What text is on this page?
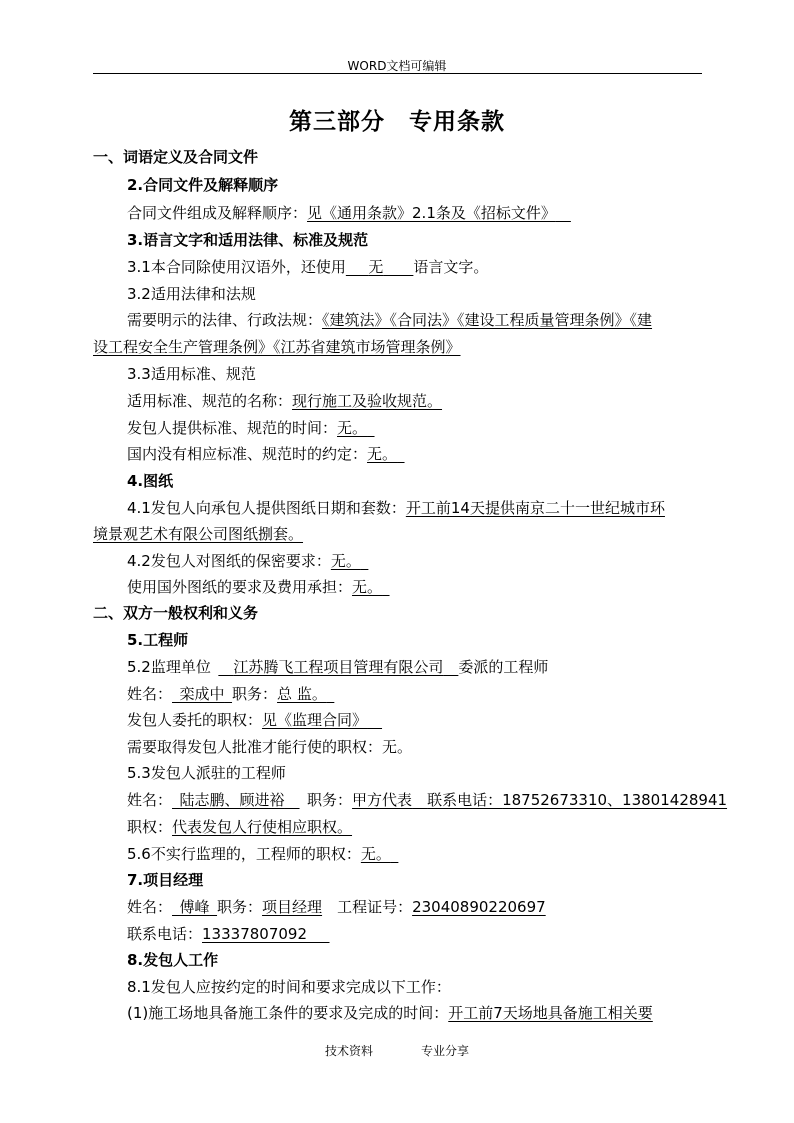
WORD文档可编辑
第三部分 专用条款
一、词语定义及合同文件
2.合同文件及解释顺序
合同文件组成及解释顺序：见《通用条款》2.1条及《招标文件》 
3.语言文字和适用法律、标准及规范
3.1本合同除使用汉语外，还使用   无   语言文字。
3.2适用法律和法规
需要明示的法律、行政法规：《建筑法》《合同法》《建设工程质量管理条例》《建
设工程安全生产管理条例》《江苏省建筑市场管理条例》
3.3适用标准、规范
适用标准、规范的名称：现行施工及验收规范。
发包人提供标准、规范的时间：无。 
国内没有相应标准、规范时的约定：无。 
4.图纸
4.1发包人向承包人提供图纸日期和套数：开工前14天提供南京二十一世纪城市环
境景观艺术有限公司图纸捌套。
4.2发包人对图纸的保密要求：无。 
使用国外图纸的要求及费用承担：无。 
二、双方一般权利和义务
5.工程师
5.2监理单位    江苏腾飞工程项目管理有限公司   委派的工程师
姓名：  栾成中  职务：总 监。 
发包人委托的职权：见《监理合同》 
需要取得发包人批准才能行使的职权：无。
5.3发包人派驻的工程师
姓名：  陆志鹏、顾进裕   职务：甲方代表   联系电话：18752673310、13801428941
职权：代表发包人行使相应职权。
5.6不实行监理的，工程师的职权：无。 
7.项目经理
姓名：  傅峰  职务：项目经理  工程证号：23040890220697
联系电话：13337807092  
8.发包人工作
8.1发包人应按约定的时间和要求完成以下工作：
(1)施工场地具备施工条件的要求及完成的时间：开工前7天场地具备施工相关要
技术资料	专业分享
